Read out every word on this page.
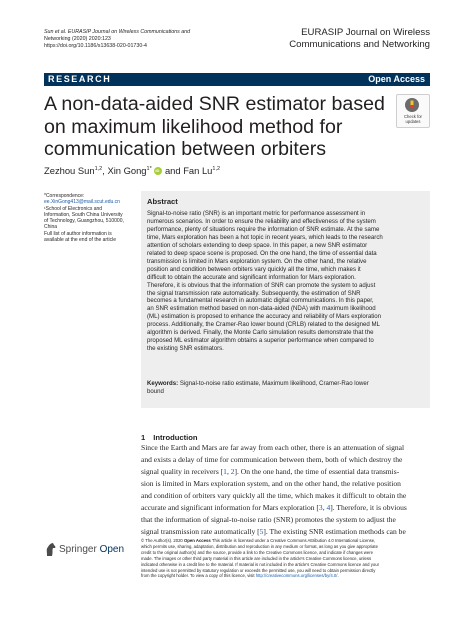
Sun et al. EURASIP Journal on Wireless Communications and
Networking (2020) 2020:123
https://doi.org/10.1186/s13638-020-01730-4
EURASIP Journal on Wireless
Communications and Networking
RESEARCH	Open Access
A non-data-aided SNR estimator based
on maximum likelihood method for
communication between orbiters
Check for
updates
Zezhou Sun$^{1,2}$, Xin Gong$^{1*}$ iD and Fan Lu$^{1,2}$
*Correspondence:
ee.XinGong413@mail.scut.edu.cn
¹School of Electronics and
Information, South China University
of Technology, Guangzhou, 510000,
China
Full list of author information is
available at the end of the article
Abstract
Signal-to-noise ratio (SNR) is an important metric for performance assessment in
numerous scenarios. In order to ensure the reliability and effectiveness of the system
performance, plenty of situations require the information of SNR estimate. At the same
time, Mars exploration has been a hot topic in recent years, which leads to the research
attention of scholars extending to deep space. In this paper, a new SNR estimator
related to deep space scene is proposed. On the one hand, the time of essential data
transmission is limited in Mars exploration system. On the other hand, the relative
position and condition between orbiters vary quickly all the time, which makes it
difficult to obtain the accurate and significant information for Mars exploration.
Therefore, it is obvious that the information of SNR can promote the system to adjust
the signal transmission rate automatically. Subsequently, the estimation of SNR
becomes a fundamental research in automatic digital communications. In this paper,
an SNR estimation method based on non-data-aided (NDA) with maximum likelihood
(ML) estimation is proposed to enhance the accuracy and reliability of Mars exploration
process. Additionally, the Cramer-Rao lower bound (CRLB) related to the designed ML
algorithm is derived. Finally, the Monte Carlo simulation results demonstrate that the
proposed ML estimator algorithm obtains a superior performance when compared to
the existing SNR estimators.
Keywords: Signal-to-noise ratio estimate, Maximum likelihood, Cramer-Rao lower
bound
1 Introduction
Since the Earth and Mars are far away from each other, there is an attenuation of signal
and exists a delay of time for communication between them, both of which destroy the
signal quality in receivers [1, 2]. On the one hand, the time of essential data transmis-
sion is limited in Mars exploration system, and on the other hand, the relative position
and condition of orbiters vary quickly all the time, which makes it difficult to obtain the
accurate and significant information for Mars exploration [3, 4]. Therefore, it is obvious
that the information of signal-to-noise ratio (SNR) promotes the system to adjust the
signal transmission rate automatically [5]. The existing SNR estimation methods can be
Springer Open
© The Author(s). 2020 Open Access This article is licensed under a Creative Commons Attribution 4.0 International License,
which permits use, sharing, adaptation, distribution and reproduction in any medium or format, as long as you give appropriate
credit to the original author(s) and the source, provide a link to the Creative Commons licence, and indicate if changes were
made. The images or other third party material in this article are included in the article's Creative Commons licence, unless
indicated otherwise in a credit line to the material. If material is not included in the article's Creative Commons licence and your
intended use is not permitted by statutory regulation or exceeds the permitted use, you will need to obtain permission directly
from the copyright holder. To view a copy of this licence, visit http://creativecommons.org/licenses/by/4.0/.
